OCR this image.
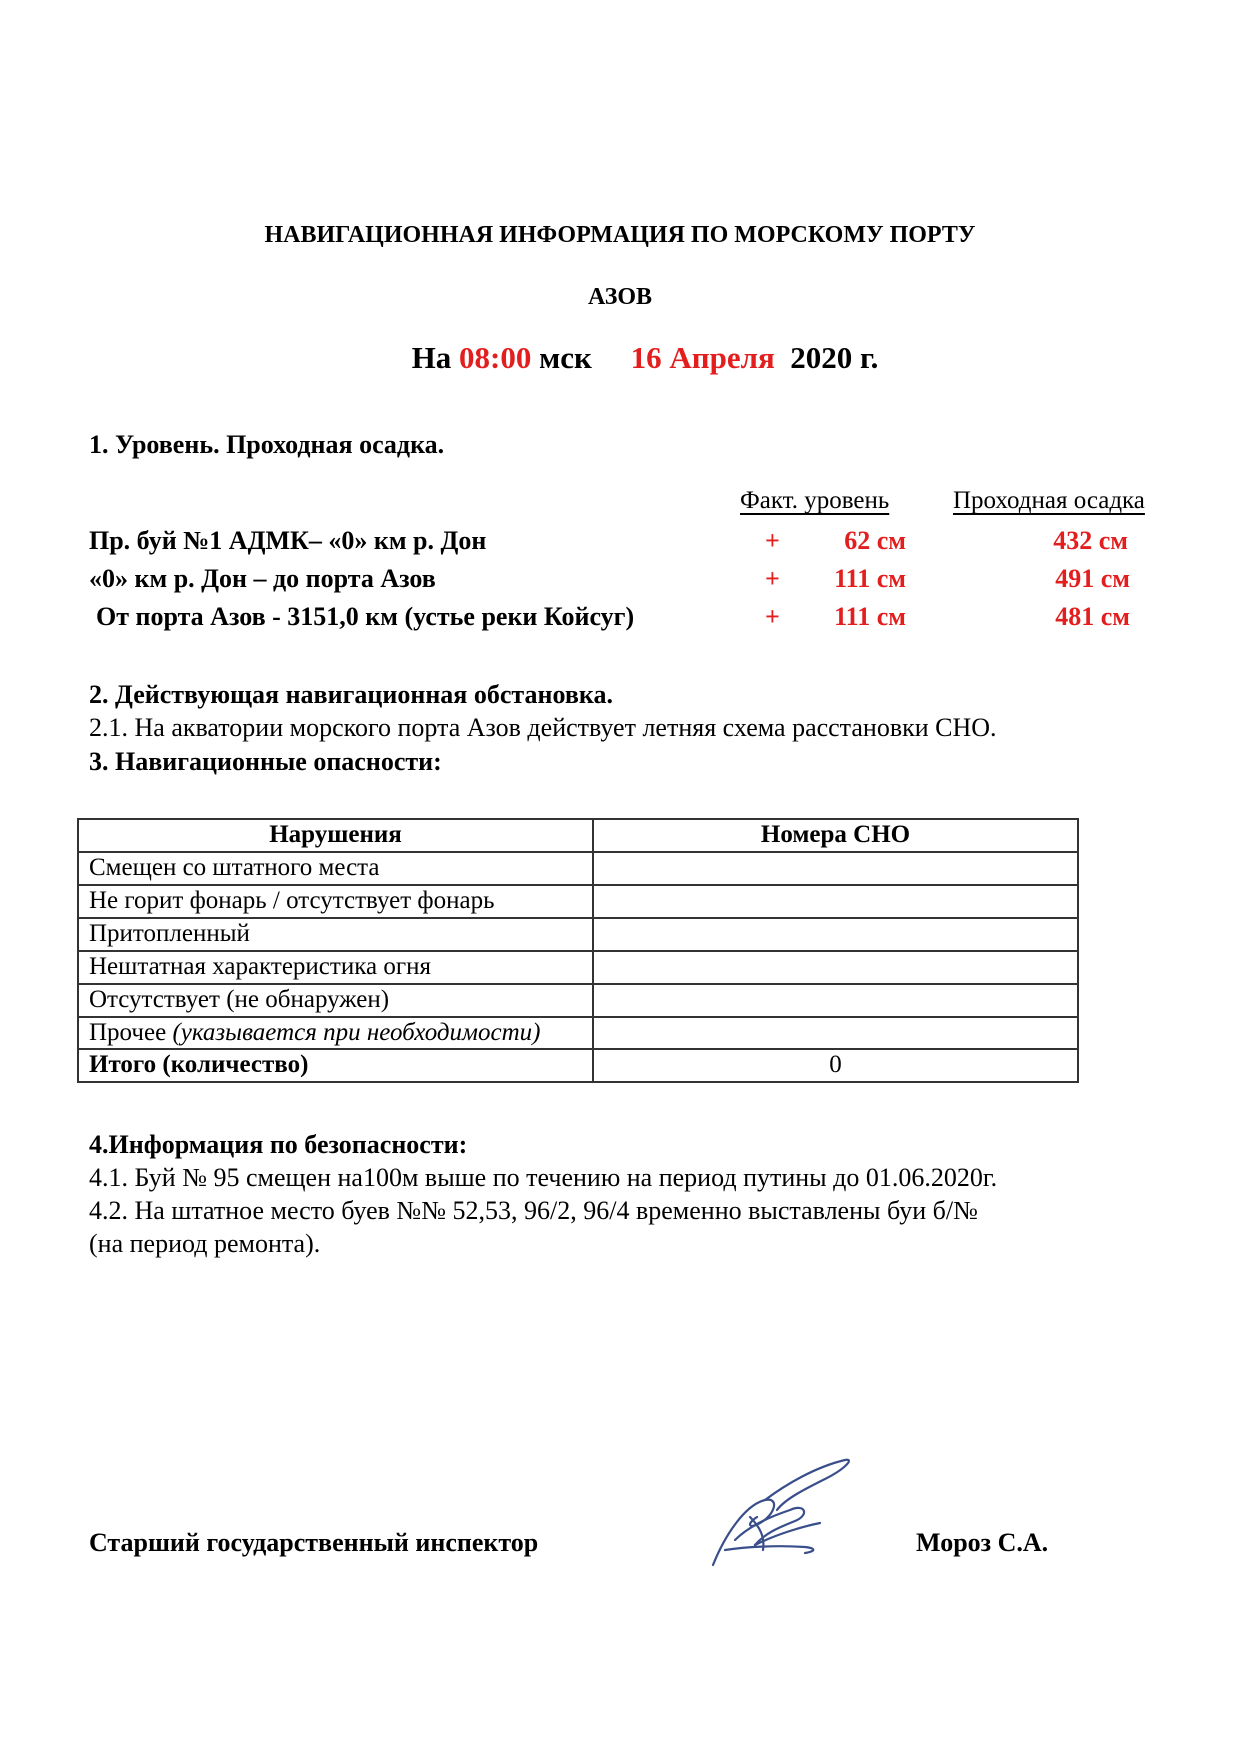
НАВИГАЦИОННАЯ ИНФОРМАЦИЯ ПО МОРСКОМУ ПОРТУ
АЗОВ
На 08:00 мск 16 Апреля 2020 г.
1. Уровень. Проходная осадка.
Факт. уровень	Проходная осадка
Пр. буй №1 АДМК– «0» км р. Дон	+	62 см	432 см
«0» км р. Дон – до порта Азов	+	111 см	491 см
От порта Азов - 3151,0 км (устье реки Койсуг)	+	111 см	481 см
2. Действующая навигационная обстановка.
2.1. На акватории морского порта Азов действует летняя схема расстановки СНО.
3. Навигационные опасности:
Нарушения	Номера СНО
Смещен со штатного места	
Не горит фонарь / отсутствует фонарь	
Притопленный	
Нештатная характеристика огня	
Отсутствует (не обнаружен)	
Прочее (указывается при необходимости)	
Итого (количество)	0
4.Информация по безопасности:
4.1. Буй № 95 смещен на100м выше по течению на период путины до 01.06.2020г.
4.2. На штатное место буев №№ 52,53, 96/2, 96/4 временно выставлены буи б/№
(на период ремонта).
Старший государственный инспектор	Мороз С.А.
